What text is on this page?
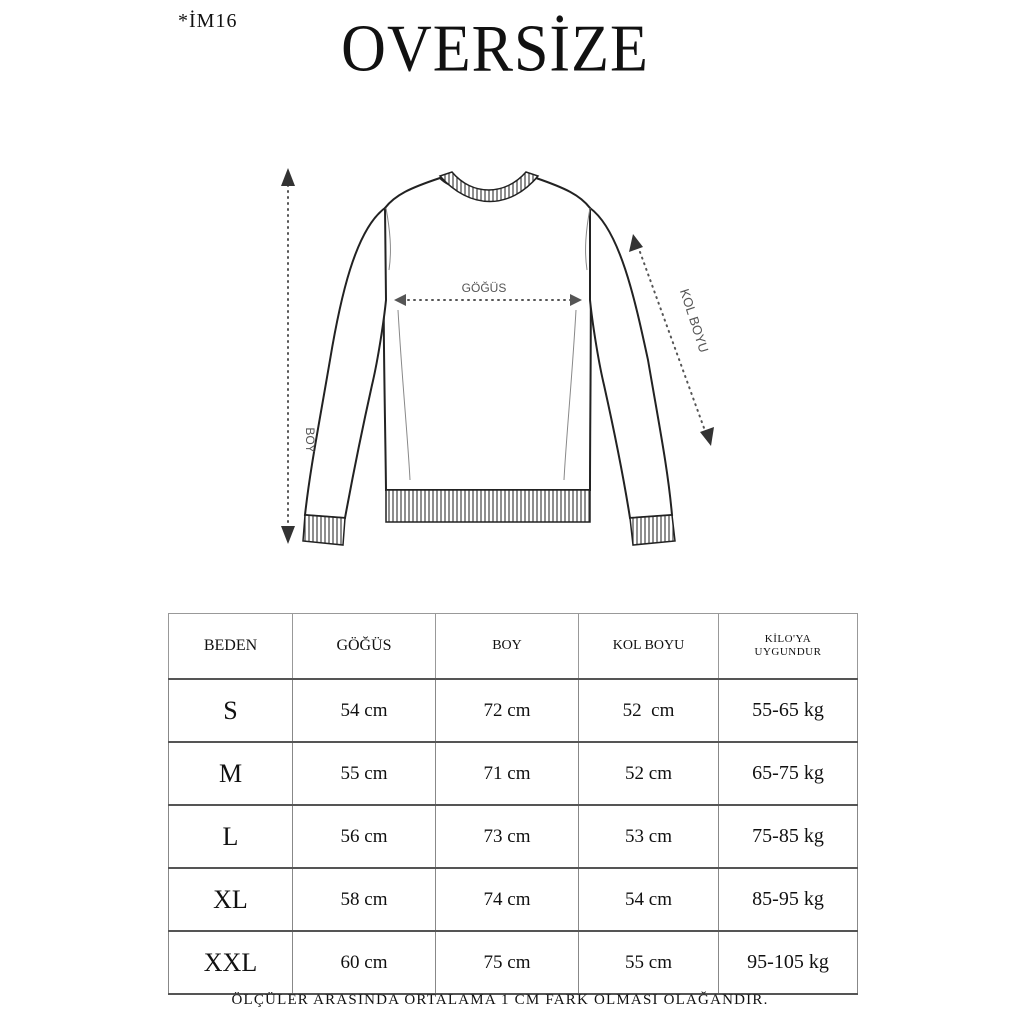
*İM16	OVERSİZE
GÖĞÜS
BOY
KOL BOYU
BEDEN	GÖĞÜS	BOY	KOL BOYU	KİLO'YA
UYGUNDUR
S	54 cm	72 cm	52  cm	55-65 kg
M	55 cm	71 cm	52 cm	65-75 kg
L	56 cm	73 cm	53 cm	75-85 kg
XL	58 cm	74 cm	54 cm	85-95 kg
XXL	60 cm	75 cm	55 cm	95-105 kg
ÖLÇÜLER ARASINDA ORTALAMA 1 CM FARK OLMASI OLAĞANDIR.
